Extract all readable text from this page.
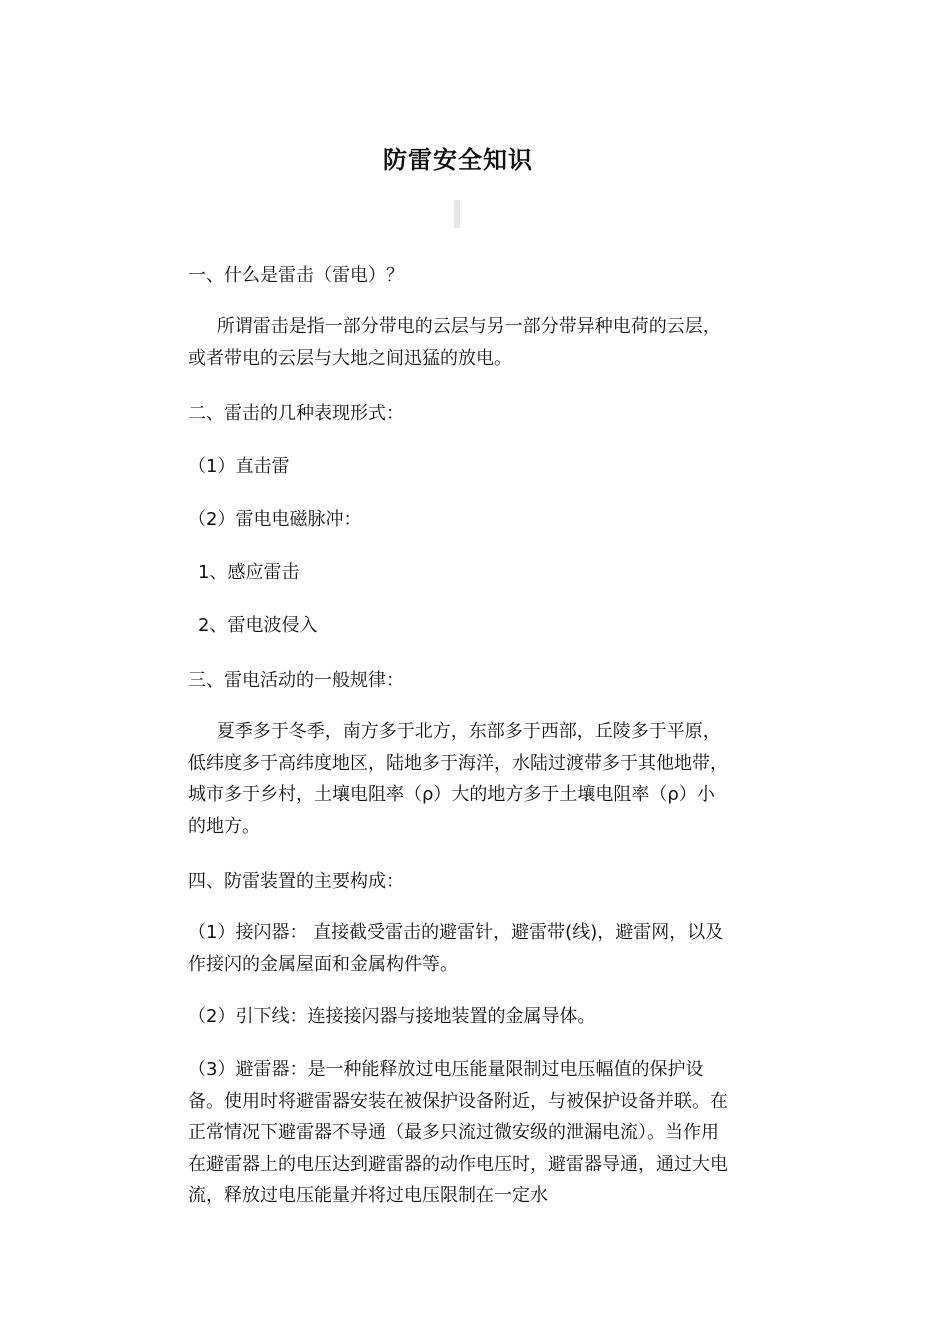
防雷安全知识
一、什么是雷击（雷电）？
所谓雷击是指一部分带电的云层与另一部分带异种电荷的云层，或者带电的云层与大地之间迅猛的放电。
二、雷击的几种表现形式：
（1）直击雷
（2）雷电电磁脉冲：
1、感应雷击
2、雷电波侵入
三、雷电活动的一般规律：
夏季多于冬季，南方多于北方，东部多于西部，丘陵多于平原，低纬度多于高纬度地区，陆地多于海洋，水陆过渡带多于其他地带，城市多于乡村，土壤电阻率（ρ）大的地方多于土壤电阻率（ρ）小的地方。
四、防雷装置的主要构成：
（1）接闪器： 直接截受雷击的避雷针，避雷带(线)，避雷网，以及作接闪的金属屋面和金属构件等。
（2）引下线：连接接闪器与接地装置的金属导体。
（3）避雷器：是一种能释放过电压能量限制过电压幅值的保护设备。使用时将避雷器安装在被保护设备附近，与被保护设备并联。在正常情况下避雷器不导通（最多只流过微安级的泄漏电流）。当作用在避雷器上的电压达到避雷器的动作电压时，避雷器导通，通过大电流，释放过电压能量并将过电压限制在一定水
